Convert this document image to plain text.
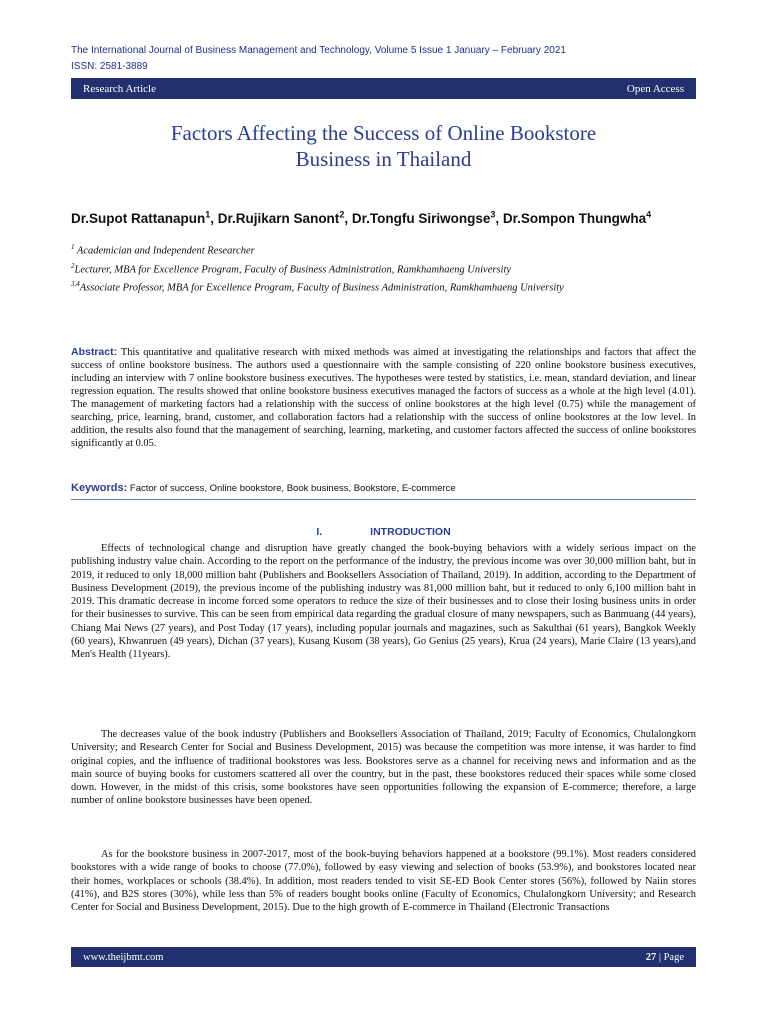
The International Journal of Business Management and Technology, Volume 5 Issue 1 January – February 2021
ISSN: 2581-3889
Research Article	Open Access
Factors Affecting the Success of Online Bookstore
Business in Thailand
Dr.Supot Rattanapun$^1$, Dr.Rujikarn Sanont$^2$, Dr.Tongfu Siriwongse$^3$, Dr.Sompon Thungwha$^4$
$^1$ Academician and Independent Researcher
$^2$Lecturer, MBA for Excellence Program, Faculty of Business Administration, Ramkhamhaeng University
$^{3,4}$Associate Professor, MBA for Excellence Program, Faculty of Business Administration, Ramkhamhaeng University
Abstract: This quantitative and qualitative research with mixed methods was aimed at investigating the relationships and factors that affect the success of online bookstore business. The authors used a questionnaire with the sample consisting of 220 online bookstore business executives, including an interview with 7 online bookstore business executives. The hypotheses were tested by statistics, i.e. mean, standard deviation, and linear regression equation. The results showed that online bookstore business executives managed the factors of success as a whole at the high level (4.01). The management of marketing factors had a relationship with the success of online bookstores at the high level (0.75) while the management of searching, price, learning, brand, customer, and collaboration factors had a relationship with the success of online bookstores at the low level. In addition, the results also found that the management of searching, learning, marketing, and customer factors affected the success of online bookstores significantly at 0.05.
Keywords: Factor of success, Online bookstore, Book business, Bookstore, E-commerce
I.	INTRODUCTION

Effects of technological change and disruption have greatly changed the book-buying behaviors with a widely serious impact on the publishing industry value chain. According to the report on the performance of the industry, the previous income was over 30,000 million baht, but in 2019, it reduced to only 18,000 million baht (Publishers and Booksellers Association of Thailand, 2019). In addition, according to the Department of Business Development (2019), the previous income of the publishing industry was 81,000 million baht, but it reduced to only 6,100 million baht in 2019. This dramatic decrease in income forced some operators to reduce the size of their businesses and to close their losing business units in order for their businesses to survive. This can be seen from empirical data regarding the gradual closure of many newspapers, such as Banmuang (44 years), Chiang Mai News (27 years), and Post Today (17 years), including popular journals and magazines, such as Sakulthai (61 years), Bangkok Weekly (60 years), Khwanruen (49 years), Dichan (37 years), Kusang Kusom (38 years), Go Genius (25 years), Krua (24 years), Marie Claire (13 years),and Men's Health (11years).

The decreases value of the book industry (Publishers and Booksellers Association of Thailand, 2019; Faculty of Economics, Chulalongkorn University; and Research Center for Social and Business Development, 2015) was because the competition was more intense, it was harder to find original copies, and the influence of traditional bookstores was less. Bookstores serve as a channel for receiving news and information and as the main source of buying books for customers scattered all over the country, but in the past, these bookstores reduced their spaces while some closed down. However, in the midst of this crisis, some bookstores have seen opportunities following the expansion of E-commerce; therefore, a large number of online bookstore businesses have been opened.

As for the bookstore business in 2007-2017, most of the book-buying behaviors happened at a bookstore (99.1%). Most readers considered bookstores with a wide range of books to choose (77.0%), followed by easy viewing and selection of books (53.9%), and bookstores located near their homes, workplaces or schools (38.4%). In addition, most readers tended to visit SE-ED Book Center stores (56%), followed by Naiin stores (41%), and B2S stores (30%), while less than 5% of readers bought books online (Faculty of Economics, Chulalongkorn University; and Research Center for Social and Business Development, 2015). Due to the high growth of E-commerce in Thailand (Electronic Transactions

www.theijbmt.com	27 | Page
